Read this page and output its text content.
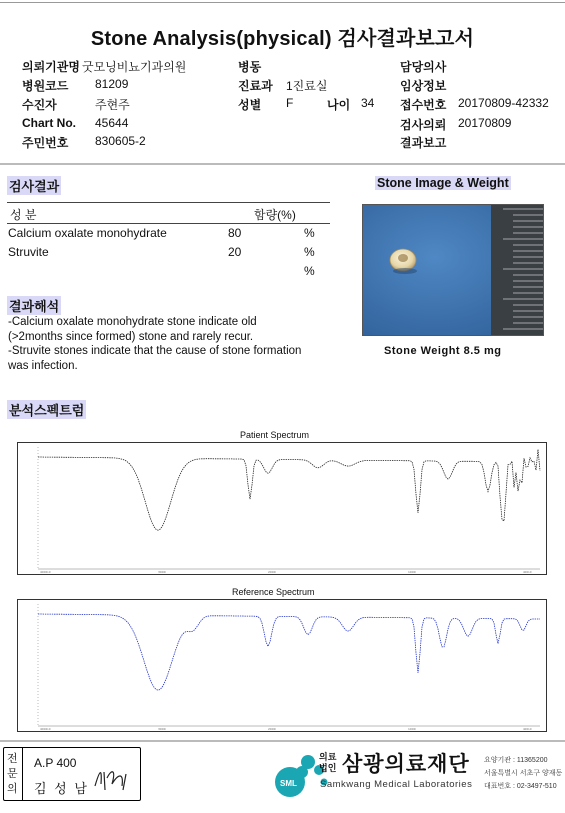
Stone Analysis(physical) 검사결과보고서
의뢰기관명 굿모닝비뇨기과의원
병원코드 81209
수진자	주현주
Chart No. 45644
주민번호 830605-2
병동
진료과 1진료실
성별 F	나이 34
담당의사
임상정보
접수번호 20170809-42332
검사의뢰 20170809
결과보고
검사결과
성 분	함량(%)
Calcium oxalate monohydrate	80	%
Struvite	20	%
%
결과해석
-Calcium oxalate monohydrate stone indicate old
(>2months since formed) stone and rarely recur.
-Struvite stones indicate that the cause of stone formation
was infection.
Stone Image & Weight
Stone Weight 8.5 mg
분석스펙트럼
Patient Spectrum
4000.0	3000	2000	1000	400.0
Reference Spectrum
4000.0	3000	2000	1000	400.0
전문의
A.P 400
김 성 남	SML
의료
법인 삼광의료재단
Samkwang Medical Laboratories
요양기관 : 11365200
서울특별시 서초구 양재동
대표번호 : 02-3497-510
